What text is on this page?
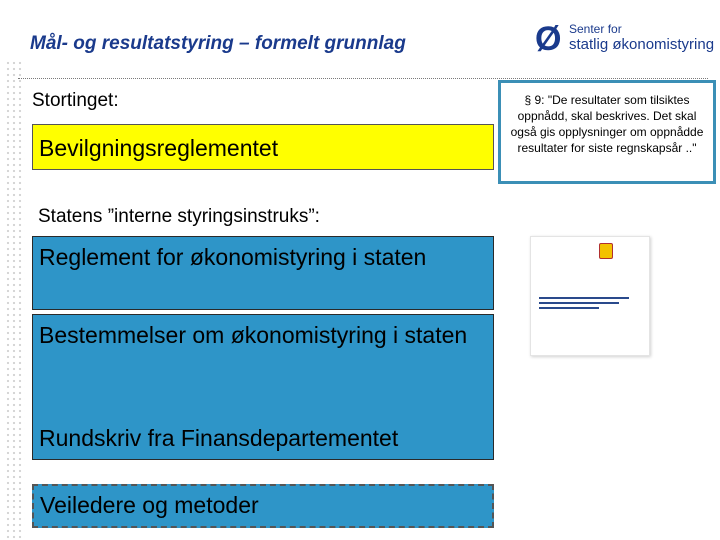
Mål- og resultatstyring – formelt grunnlag	Ø Senter for
statlig økonomistyring
Stortinget:
Bevilgningsreglementet
§ 9: "De resultater som tilsiktes oppnådd, skal beskrives. Det skal også gis opplysninger om oppnådde resultater for siste regnskapsår .."
Statens ”interne styringsinstruks”:
Reglement for økonomistyring i staten
Bestemmelser om økonomistyring i staten
Rundskriv fra Finansdepartementet
Veiledere og metoder
